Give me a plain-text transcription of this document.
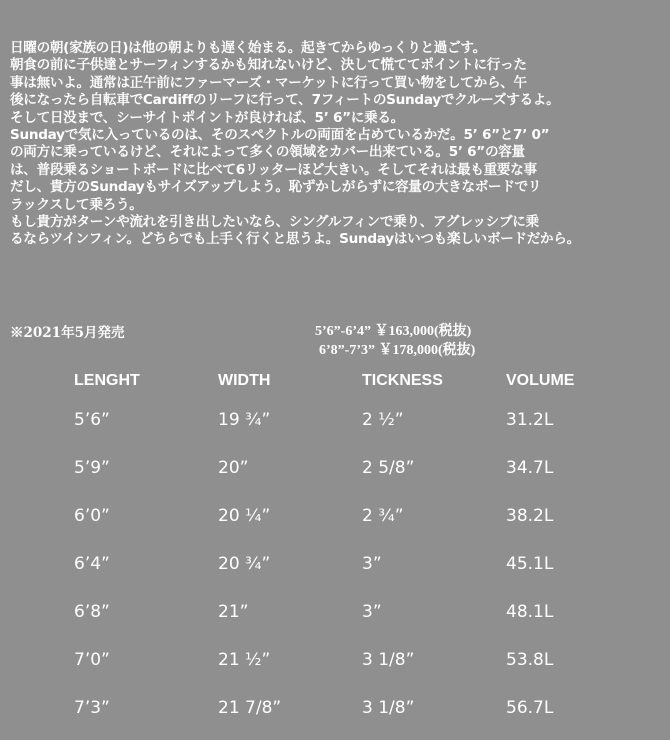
日曜の朝(家族の日)は他の朝よりも遅く始まる。起きてからゆっくりと過ごす。
朝食の前に子供達とサーフィンするかも知れないけど、決して慌ててポイントに行った
事は無いよ。通常は正午前にファーマーズ・マーケットに行って買い物をしてから、午
後になったら自転車でCardiffのリーフに行って、7フィートのSundayでクルーズするよ。
そして日没まで、シーサイトポイントが良ければ、5’ 6”に乗る。
Sundayで気に入っているのは、そのスペクトルの両面を占めているかだ。5’ 6”と7’ 0”
の両方に乗っているけど、それによって多くの領域をカバー出来ている。5’ 6”の容量
は、普段乗るショートボードに比べて6リッターほど大きい。そしてそれは最も重要な事
だし、貴方のSundayもサイズアップしよう。恥ずかしがらずに容量の大きなボードでリ
ラックスして乗ろう。
もし貴方がターンや流れを引き出したいなら、シングルフィンで乗り、アグレッシブに乗
るならツインフィン。どちらでも上手く行くと思うよ。Sundayはいつも楽しいボードだから。
※2021年5月発売	5’6”-6’4” ￥163,000(税抜)
6’8”-7’3” ￥178,000(税抜)
LENGHT	WIDTH	TICKNESS	VOLUME
5’6”	19 ¾”	2 ½”	31.2L
5’9”	20”	2 5/8”	34.7L
6’0”	20 ¼”	2 ¾”	38.2L
6’4”	20 ¾”	3”	45.1L
6’8”	21”	3”	48.1L
7’0”	21 ½”	3 1/8”	53.8L
7’3”	21 7/8”	3 1/8”	56.7L
